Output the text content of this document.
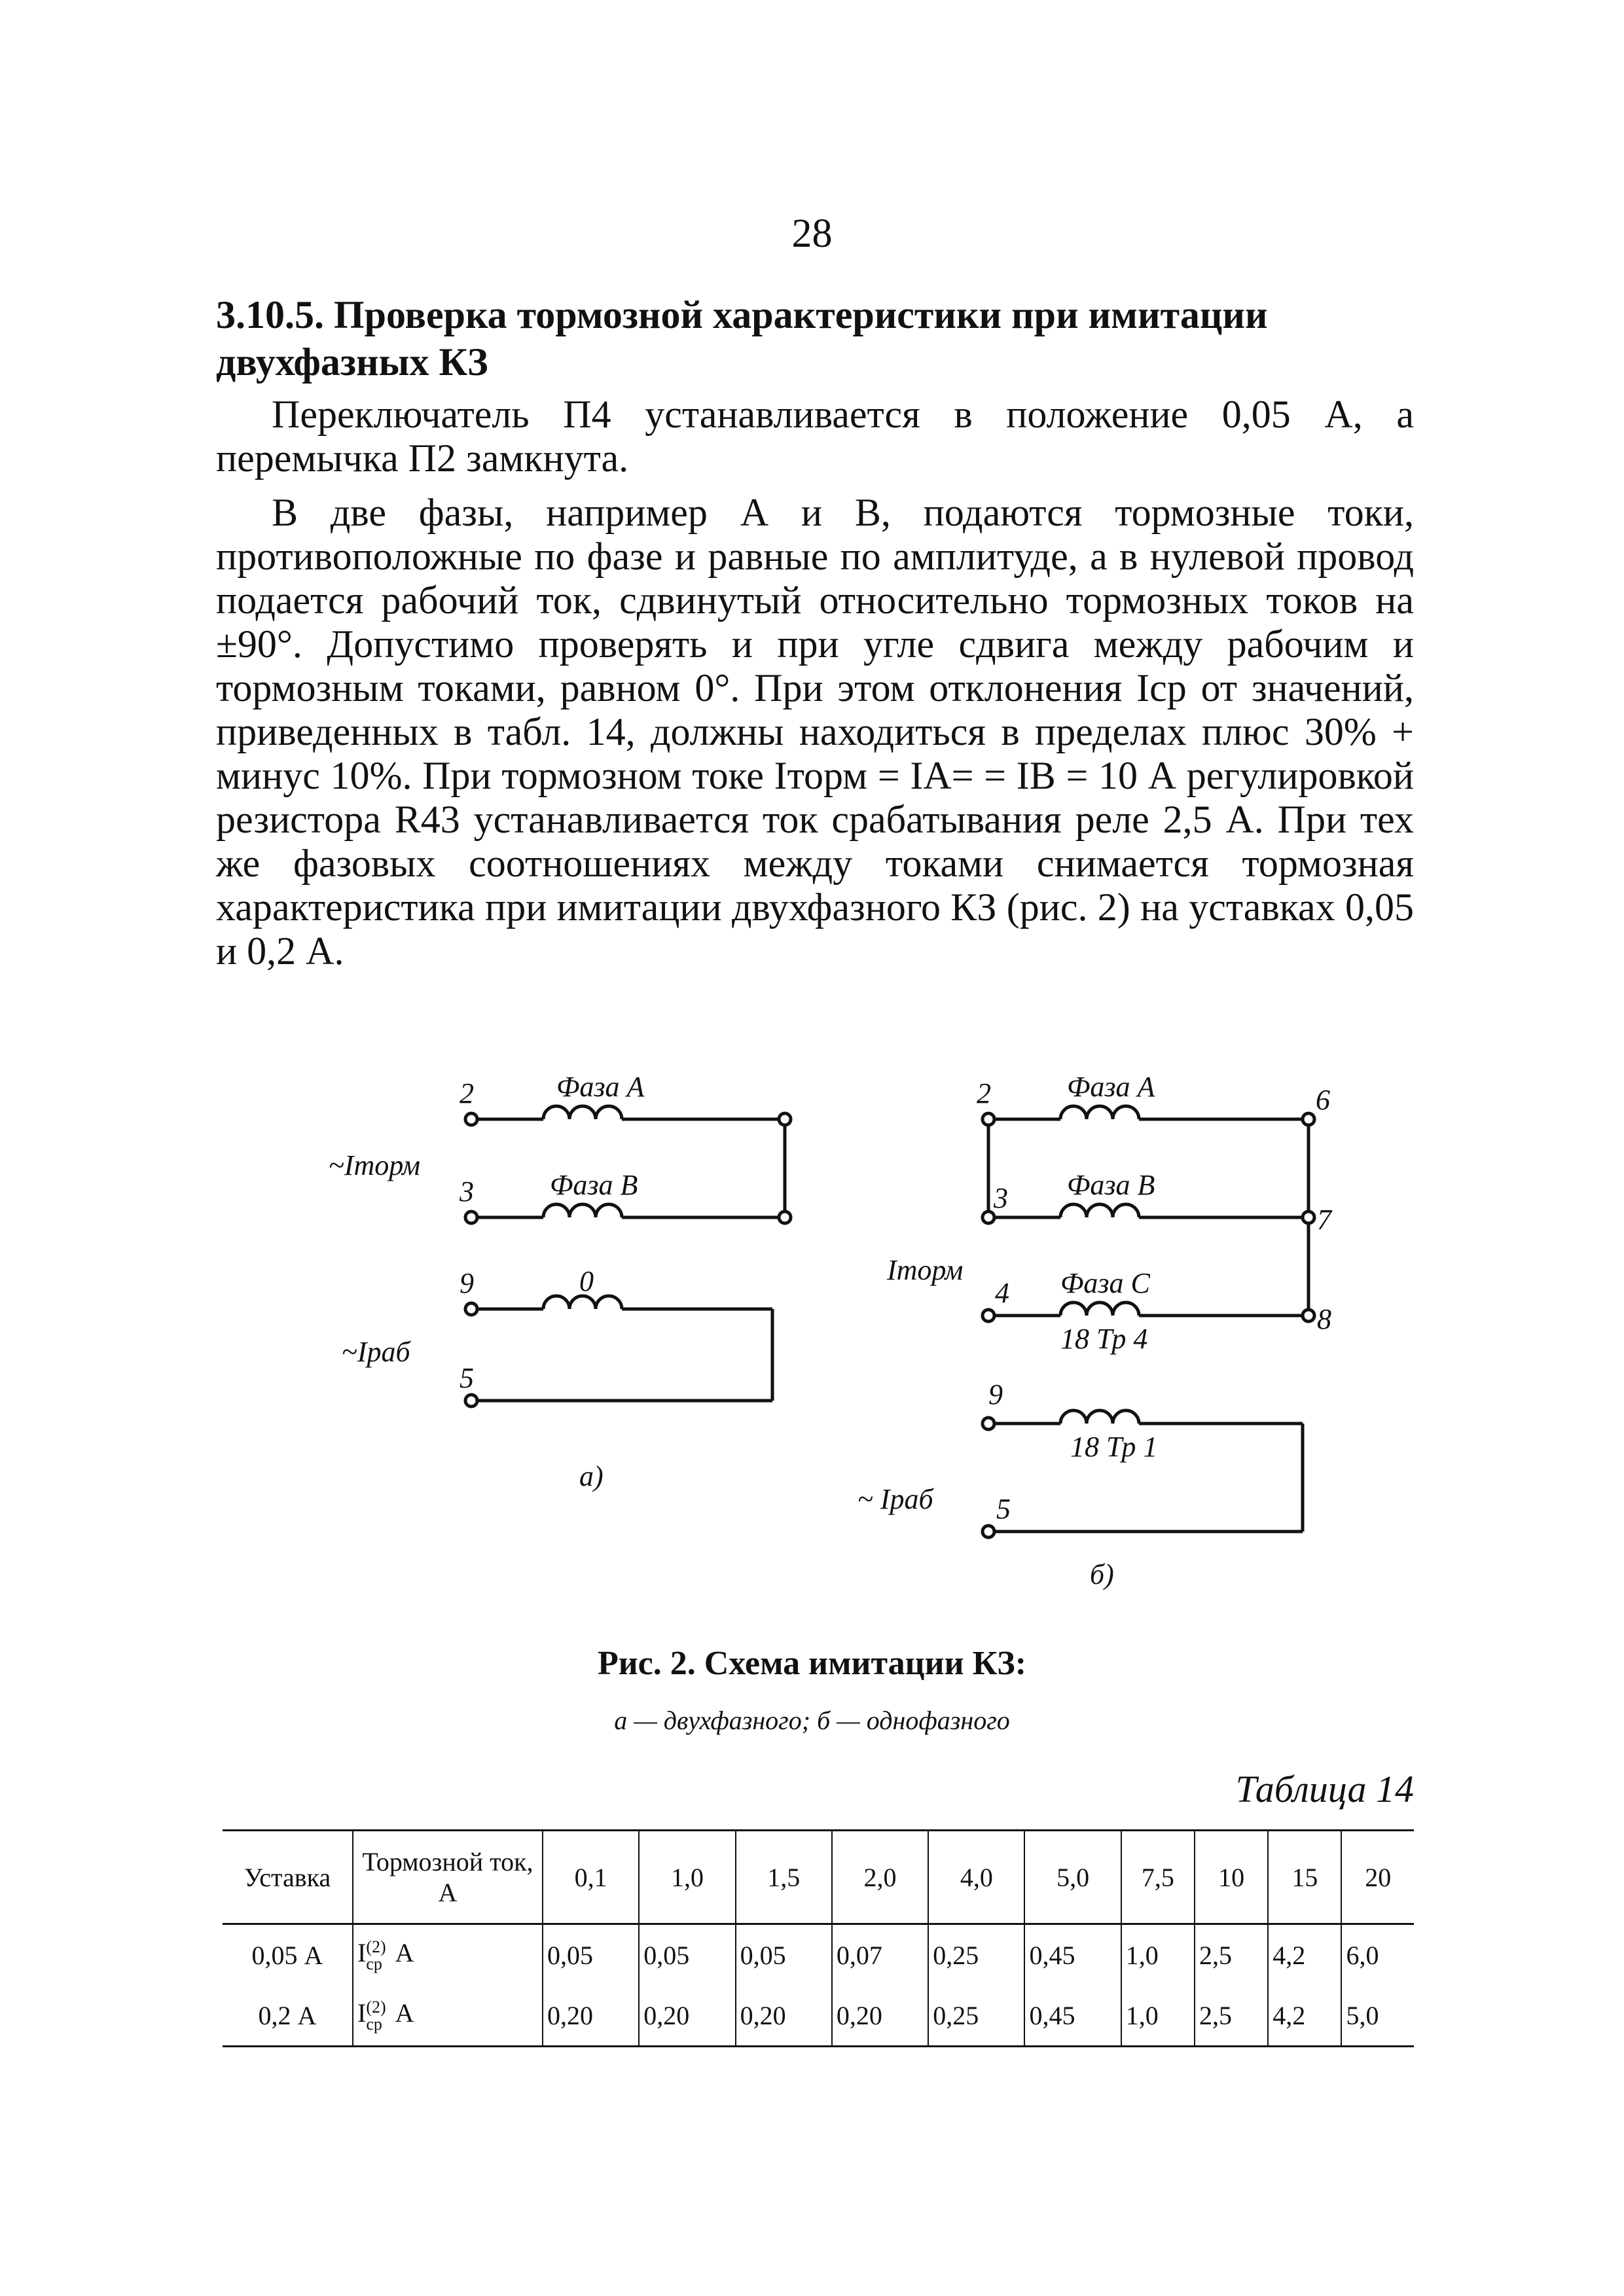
28
3.10.5. Проверка тормозной характеристики при имитации двухфазных КЗ

Переключатель П4 устанавливается в положение 0,05 А, а перемычка П2 замкнута.

В две фазы, например А и В, подаются тормозные токи, противоположные по фазе и равные по амплитуде, а в нулевой провод подается рабочий ток, сдвинутый относительно тормозных токов на ±90°. Допустимо проверять и при угле сдвига между рабочим и тормозным токами, равном 0°. При этом отклонения Iср от значений, приведенных в табл. 14, должны находиться в пределах плюс 30% + минус 10%. При тормозном токе Iторм = IA= = IB = 10 А регулировкой резистора R43 устанавливается ток срабатывания реле 2,5 А. При тех же фазовых соотношениях между токами снимается тормозная характеристика при имитации двухфазного КЗ (рис. 2) на уставках 0,05 и 0,2 А.

2
3
9
5
Фаза A
Фаза B
0
~Iторм
~Iраб
а)
2
3
4
6
7
8
9
5
Фаза A
Фаза B
Фаза C
18 Тр 4
18 Тр 1
Iторм
~ Iраб
б)
Рис. 2. Схема имитации КЗ:
а — двухфазного; б — однофазного
Таблица 14
Уставка	Тормозной ток, А	0,1	1,0	1,5	2,0	4,0	5,0	7,5	10	15	20
0,05 А	I(2)
ср А	0,05	0,05	0,05	0,07	0,25	0,45	1,0	2,5	4,2	6,0
0,2 А	I(2)
ср А	0,20	0,20	0,20	0,20	0,25	0,45	1,0	2,5	4,2	5,0
